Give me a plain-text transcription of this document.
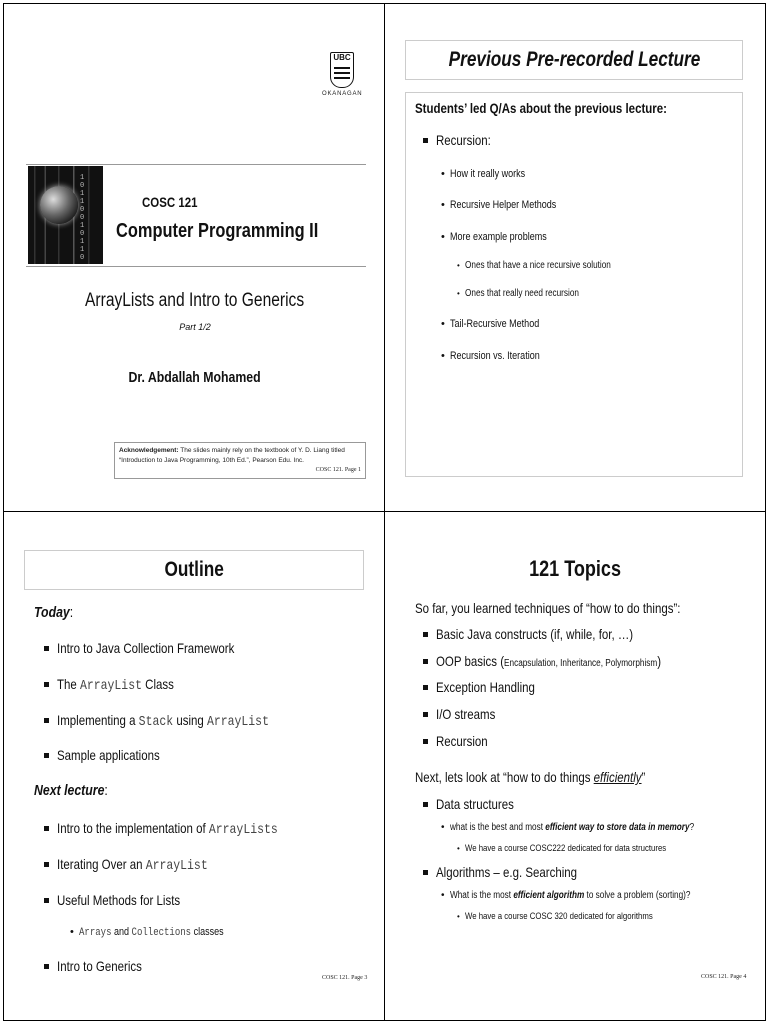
UBC
OKANAGAN
1
0
1
1
0
0
1
0
1
1
0
COSC 121
Computer Programming II
ArrayLists and Intro to Generics
Part 1/2
Dr. Abdallah Mohamed
Acknowledgement: The slides mainly rely on the textbook of Y. D. Liang titled “Introduction to Java Programming, 10th Ed.”, Pearson Edu. Inc.
COSC 121. Page 1
Previous Pre-recorded Lecture
Students’ led Q/As about the previous lecture:
Recursion:
• How it really works
• Recursive Helper Methods
• More example problems
• Ones that have a nice recursive solution
• Ones that really need recursion
• Tail-Recursive Method
• Recursion vs. Iteration
Outline
Today:
Intro to Java Collection Framework
The ArrayList Class
Implementing a Stack using ArrayList
Sample applications
Next lecture:
Intro to the implementation of ArrayLists
Iterating Over an ArrayList
Useful Methods for Lists
• Arrays and Collections classes
Intro to Generics
COSC 121. Page 3
121 Topics
So far, you learned techniques of “how to do things”:
Basic Java constructs (if, while, for, …)
OOP basics (Encapsulation, Inheritance, Polymorphism)
Exception Handling
I/O streams
Recursion
Next, lets look at “how to do things efficiently”
Data structures
• what is the best and most efficient way to store data in memory?
• We have a course COSC222 dedicated for data structures
Algorithms – e.g. Searching
• What is the most efficient algorithm to solve a problem (sorting)?
• We have a course COSC 320 dedicated for algorithms
COSC 121. Page 4
